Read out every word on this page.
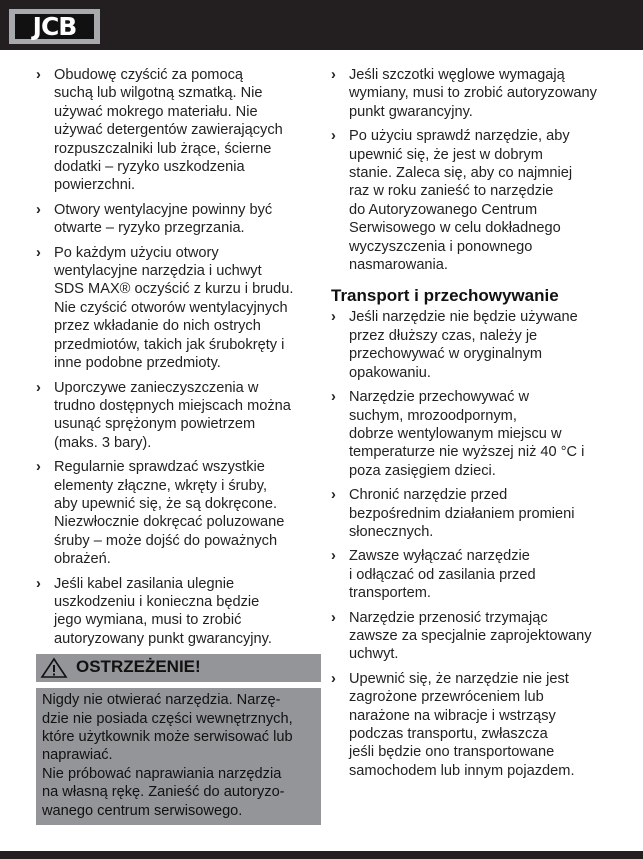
JCB
› Obudowę czyścić za pomocą
suchą lub wilgotną szmatką. Nie
używać mokrego materiału. Nie
używać detergentów zawierających
rozpuszczalniki lub żrące, ścierne
dodatki – ryzyko uszkodzenia
powierzchni.
› Otwory wentylacyjne powinny być
otwarte – ryzyko przegrzania.
› Po każdym użyciu otwory
wentylacyjne narzędzia i uchwyt
SDS MAX® oczyścić z kurzu i brudu.
Nie czyścić otworów wentylacyjnych
przez wkładanie do nich ostrych
przedmiotów, takich jak śrubokręty i
inne podobne przedmioty.
› Uporczywe zanieczyszczenia w
trudno dostępnych miejscach można
usunąć sprężonym powietrzem
(maks. 3 bary).
› Regularnie sprawdzać wszystkie
elementy złączne, wkręty i śruby,
aby upewnić się, że są dokręcone.
Niezwłocznie dokręcać poluzowane
śruby – może dojść do poważnych
obrażeń.
› Jeśli kabel zasilania ulegnie
uszkodzeniu i konieczna będzie
jego wymiana, musi to zrobić
autoryzowany punkt gwarancyjny.
OSTRZEŻENIE!
Nigdy nie otwierać narzędzia. Narzę-
dzie nie posiada części wewnętrznych,
które użytkownik może serwisować lub
naprawiać.
Nie próbować naprawiania narzędzia
na własną rękę. Zanieść do autoryzo-
wanego centrum serwisowego.
› Jeśli szczotki węglowe wymagają
wymiany, musi to zrobić autoryzowany
punkt gwarancyjny.
› Po użyciu sprawdź narzędzie, aby
upewnić się, że jest w dobrym
stanie. Zaleca się, aby co najmniej
raz w roku zanieść to narzędzie
do Autoryzowanego Centrum
Serwisowego w celu dokładnego
wyczyszczenia i ponownego
nasmarowania.
Transport i przechowywanie
› Jeśli narzędzie nie będzie używane
przez dłuższy czas, należy je
przechowywać w oryginalnym
opakowaniu.
› Narzędzie przechowywać w
suchym, mrozoodpornym,
dobrze wentylowanym miejscu w
temperaturze nie wyższej niż 40 °C i
poza zasięgiem dzieci.
› Chronić narzędzie przed
bezpośrednim działaniem promieni
słonecznych.
› Zawsze wyłączać narzędzie
i odłączać od zasilania przed
transportem.
› Narzędzie przenosić trzymając
zawsze za specjalnie zaprojektowany
uchwyt.
› Upewnić się, że narzędzie nie jest
zagrożone przewróceniem lub
narażone na wibracje i wstrząsy
podczas transportu, zwłaszcza
jeśli będzie ono transportowane
samochodem lub innym pojazdem.
